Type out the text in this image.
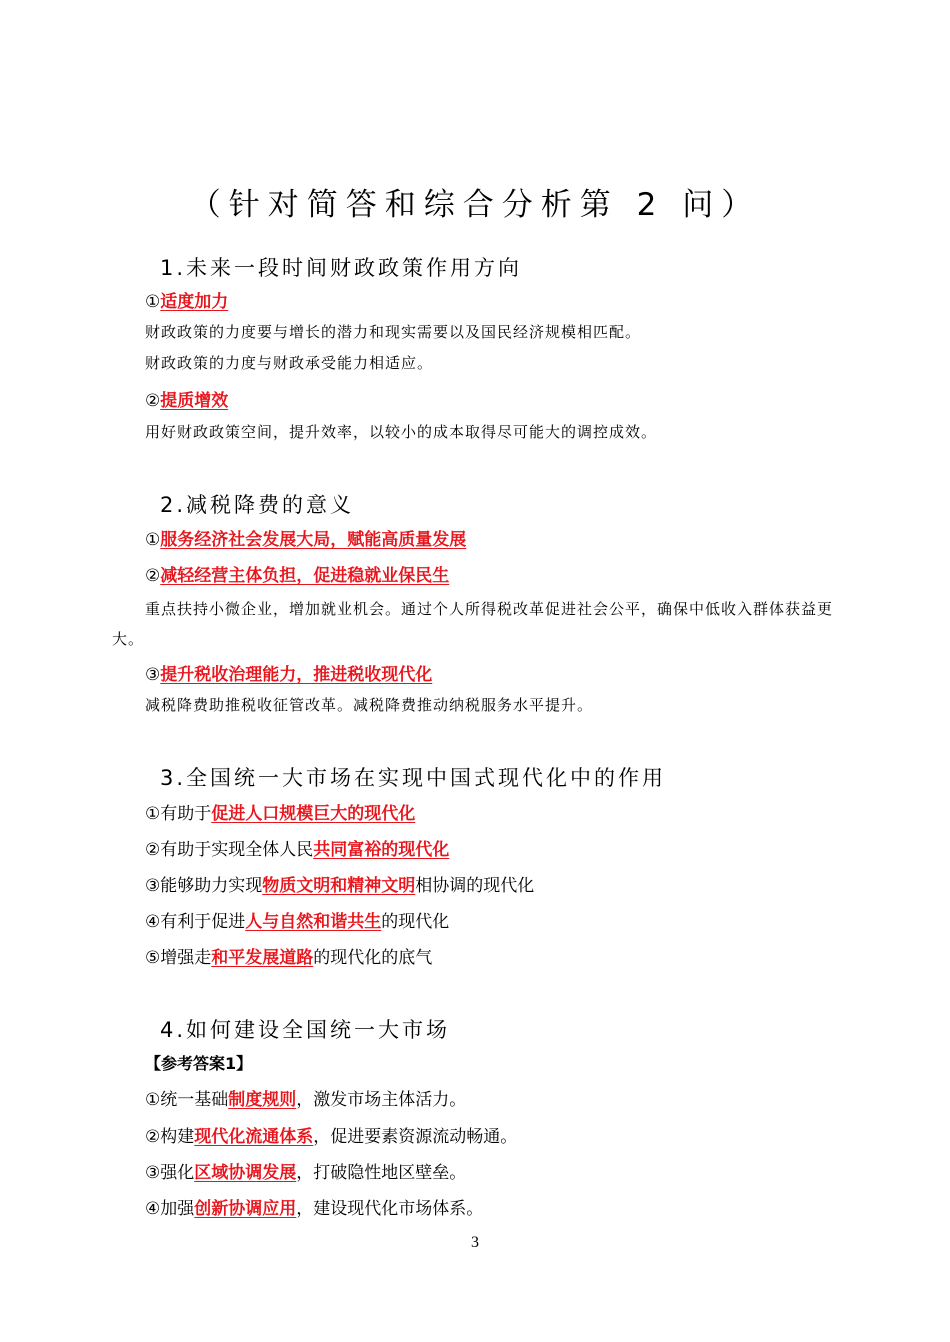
（针对简答和综合分析第 2 问）
1.未来一段时间财政政策作用方向
①适度加力
财政政策的力度要与增长的潜力和现实需要以及国民经济规模相匹配。
财政政策的力度与财政承受能力相适应。
②提质增效
用好财政政策空间，提升效率，以较小的成本取得尽可能大的调控成效。
2.减税降费的意义
①服务经济社会发展大局，赋能高质量发展
②减轻经营主体负担，促进稳就业保民生
重点扶持小微企业，增加就业机会。通过个人所得税改革促进社会公平，确保中低收入群体获益更大。
③提升税收治理能力，推进税收现代化
减税降费助推税收征管改革。减税降费推动纳税服务水平提升。
3.全国统一大市场在实现中国式现代化中的作用
①有助于促进人口规模巨大的现代化
②有助于实现全体人民共同富裕的现代化
③能够助力实现物质文明和精神文明相协调的现代化
④有利于促进人与自然和谐共生的现代化
⑤增强走和平发展道路的现代化的底气
4.如何建设全国统一大市场
【参考答案1】
①统一基础制度规则，激发市场主体活力。
②构建现代化流通体系，促进要素资源流动畅通。
③强化区域协调发展，打破隐性地区壁垒。
④加强创新协调应用，建设现代化市场体系。
3
